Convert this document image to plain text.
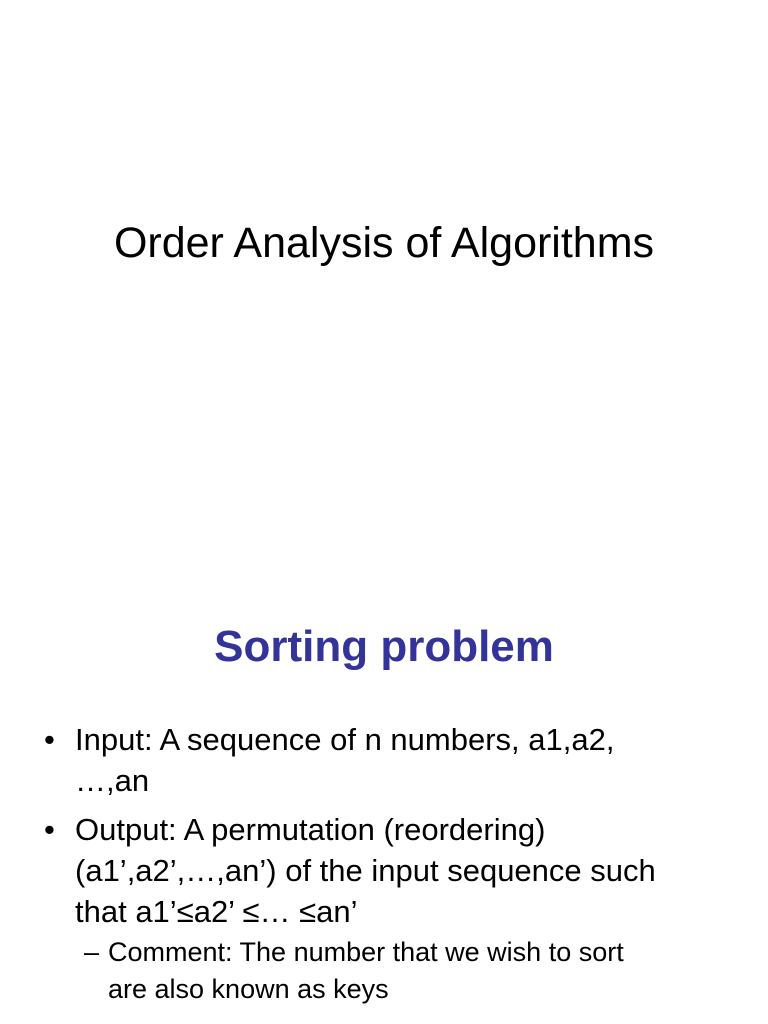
Order Analysis of Algorithms
Sorting problem
• Input: A sequence of n numbers, a1,a2,
…,an
• Output: A permutation (reordering)
(a1’,a2’,…,an’) of the input sequence such
that a1’≤a2’ ≤… ≤an’
– Comment: The number that we wish to sort
are also known as keys
